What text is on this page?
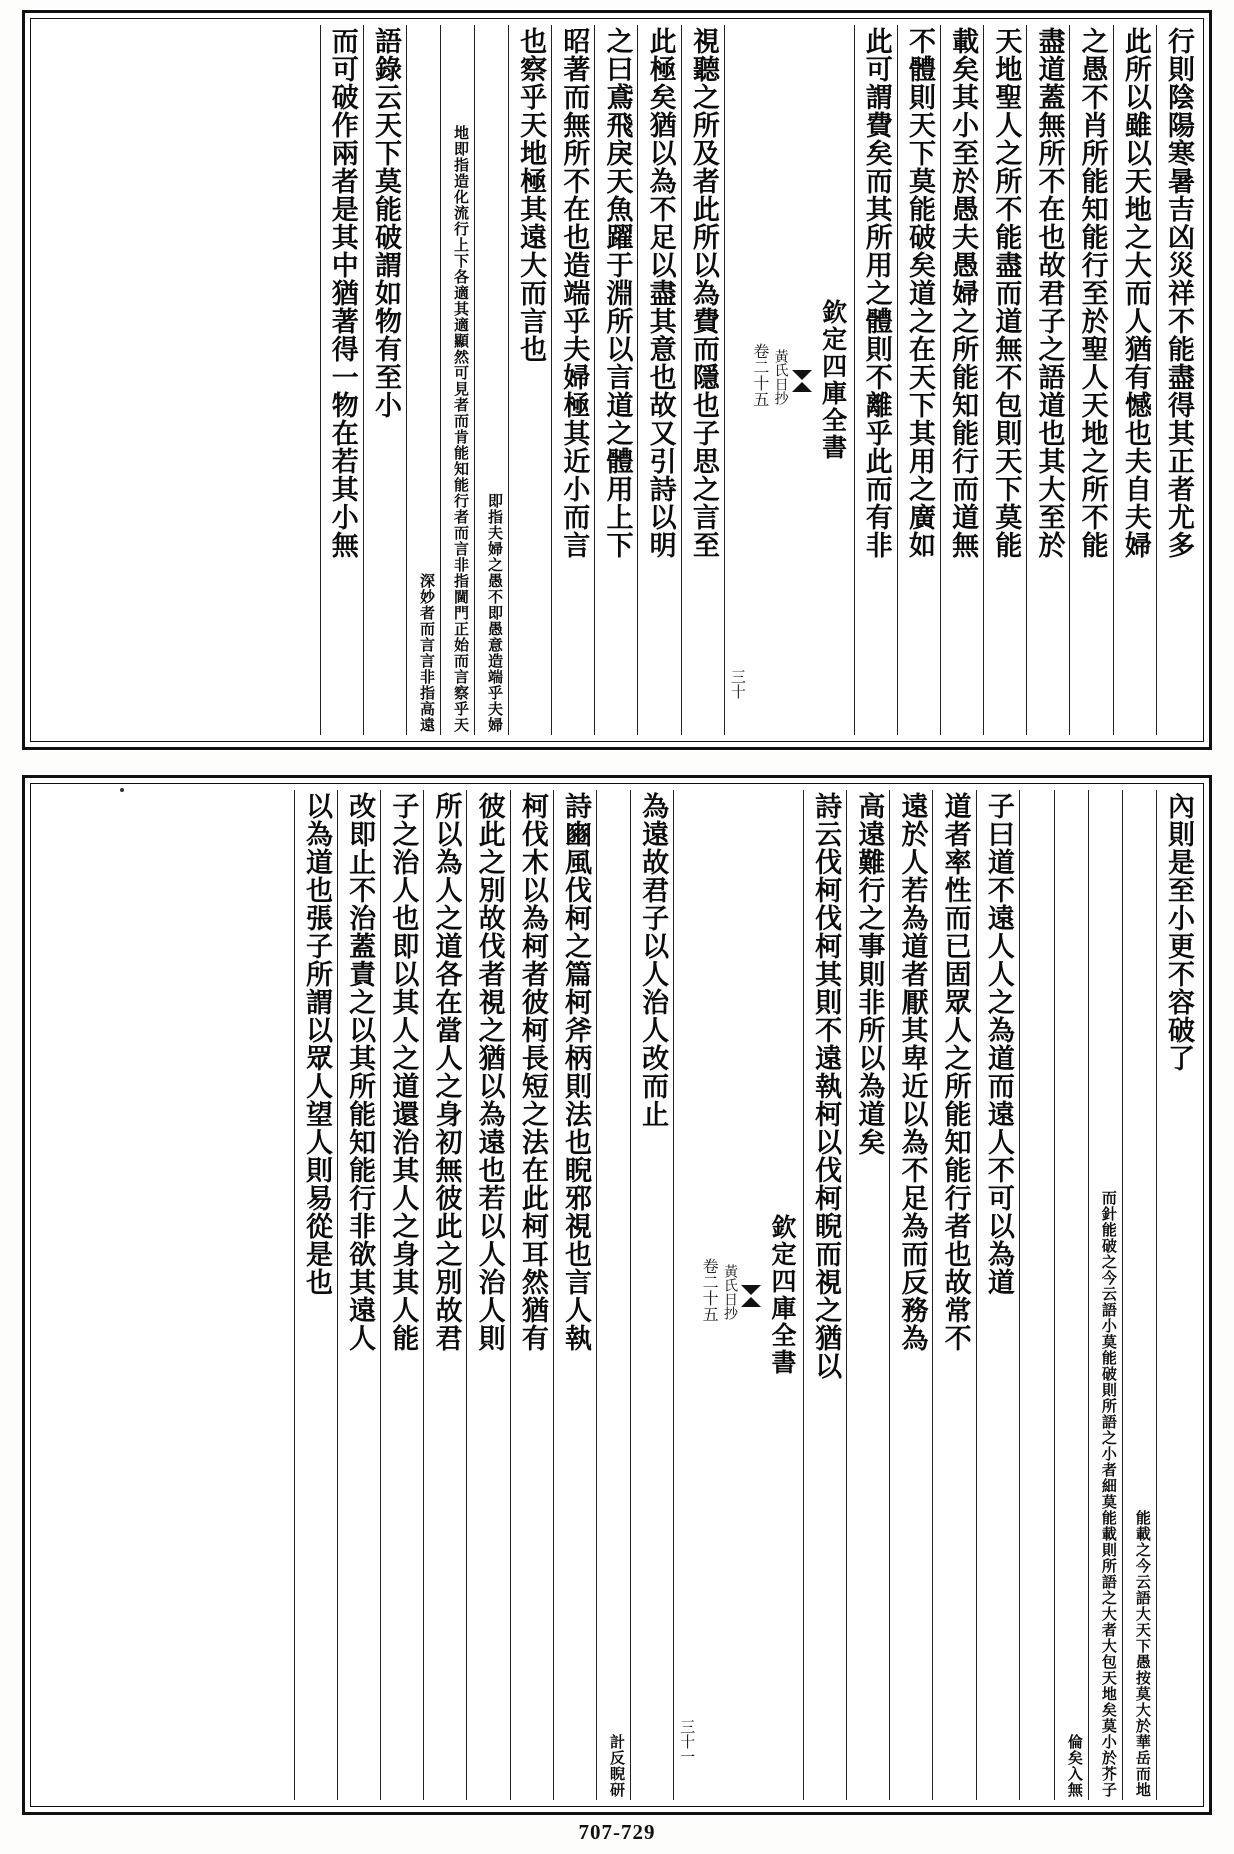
行則陰陽寒暑吉凶災祥不能盡得其正者尤多
此所以雖以天地之大而人猶有憾也夫自夫婦
之愚不肖所能知能行至於聖人天地之所不能
盡道蓋無所不在也故君子之語道也其大至於
天地聖人之所不能盡而道無不包則天下莫能
載矣其小至於愚夫愚婦之所能知能行而道無
不體則天下莫能破矣道之在天下其用之廣如
此可謂費矣而其所用之體則不離乎此而有非
欽定四庫全書
黃氏日抄
卷二十五
三十
視聽之所及者此所以為費而隱也子思之言至
此極矣猶以為不足以盡其意也故又引詩以明
之曰鳶飛戾天魚躍于淵所以言道之體用上下
昭著而無所不在也造端乎夫婦極其近小而言
也察乎天地極其遠大而言也
即愚意造端乎夫婦
即指夫婦之愚不
肯能知能行者而言非指閫門正始而言察乎天
地即指造化流行上下各適其適顯然可見者而
言非指高遠
深妙者而言
語錄云天下莫能破謂如物有至小
而可破作兩者是其中猶著得一物在若其小無
內則是至小更不容破了
愚按莫大於華岳而地
能載之今云語大天下
莫能載則所語之大者大包天地矣莫小於芥子
而針能破之今云語小莫能破則所語之小者細
入無
倫矣
子曰道不遠人人之為道而遠人不可以為道
道者率性而已固眾人之所能知能行者也故常不
遠於人若為道者厭其卑近以為不足為而反務為
高遠難行之事則非所以為道矣
詩云伐柯伐柯其則不遠執柯以伐柯睨而視之猶以
欽定四庫全書
黃氏日抄
卷二十五
三十一
為遠故君子以人治人改而止
睨研
計反
詩豳風伐柯之篇柯斧柄則法也睨邪視也言人執
柯伐木以為柯者彼柯長短之法在此柯耳然猶有
彼此之別故伐者視之猶以為遠也若以人治人則
所以為人之道各在當人之身初無彼此之別故君
子之治人也即以其人之道還治其人之身其人能
改即止不治蓋責之以其所能知能行非欲其遠人
以為道也張子所謂以眾人望人則易從是也
707-729
